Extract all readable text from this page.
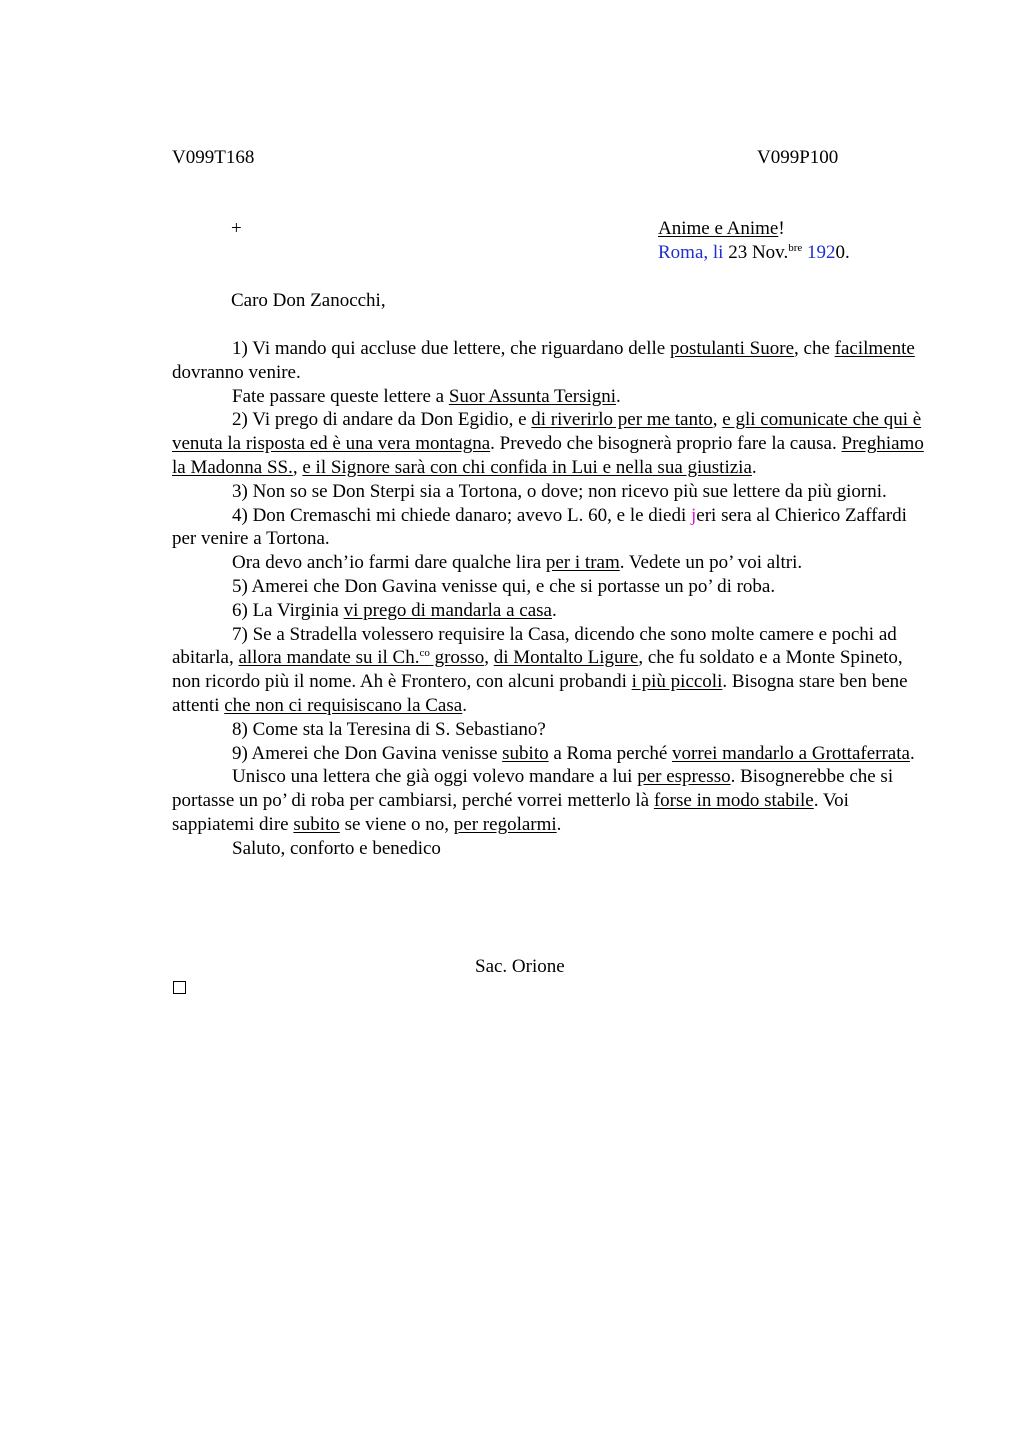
V099T168	V099P100
+	Anime e Anime!
Roma, li 23 Nov.$^{bre}$ 1920.
Caro Don Zanocchi,

1) Vi mando qui accluse due lettere, che riguardano delle postulanti Suore, che facilmente dovranno venire.

Fate passare queste lettere a Suor Assunta Tersigni.

2) Vi prego di andare da Don Egidio, e di riverirlo per me tanto, e gli comunicate che qui è venuta la risposta ed è una vera montagna. Prevedo che bisognerà proprio fare la causa. Preghiamo la Madonna SS., e il Signore sarà con chi confida in Lui e nella sua giustizia.

3) Non so se Don Sterpi sia a Tortona, o dove; non ricevo più sue lettere da più giorni.

4) Don Cremaschi mi chiede danaro; avevo L. 60, e le diedi jeri sera al Chierico Zaffardi per venire a Tortona.

Ora devo anch’io farmi dare qualche lira per i tram. Vedete un po’ voi altri.

5) Amerei che Don Gavina venisse qui, e che si portasse un po’ di roba.

6) La Virginia vi prego di mandarla a casa.

7) Se a Stradella volessero requisire la Casa, dicendo che sono molte camere e pochi ad abitarla, allora mandate su il Ch.$^{co}$ grosso, di Montalto Ligure, che fu soldato e a Monte Spineto, non ricordo più il nome. Ah è Frontero, con alcuni probandi i più piccoli. Bisogna stare ben bene attenti che non ci requisiscano la Casa.

8) Come sta la Teresina di S. Sebastiano?

9) Amerei che Don Gavina venisse subito a Roma perché vorrei mandarlo a Grottaferrata.

Unisco una lettera che già oggi volevo mandare a lui per espresso. Bisognerebbe che si portasse un po’ di roba per cambiarsi, perché vorrei metterlo là forse in modo stabile. Voi sappiatemi dire subito se viene o no, per regolarmi.

Saluto, conforto e benedico

Sac. Orione
